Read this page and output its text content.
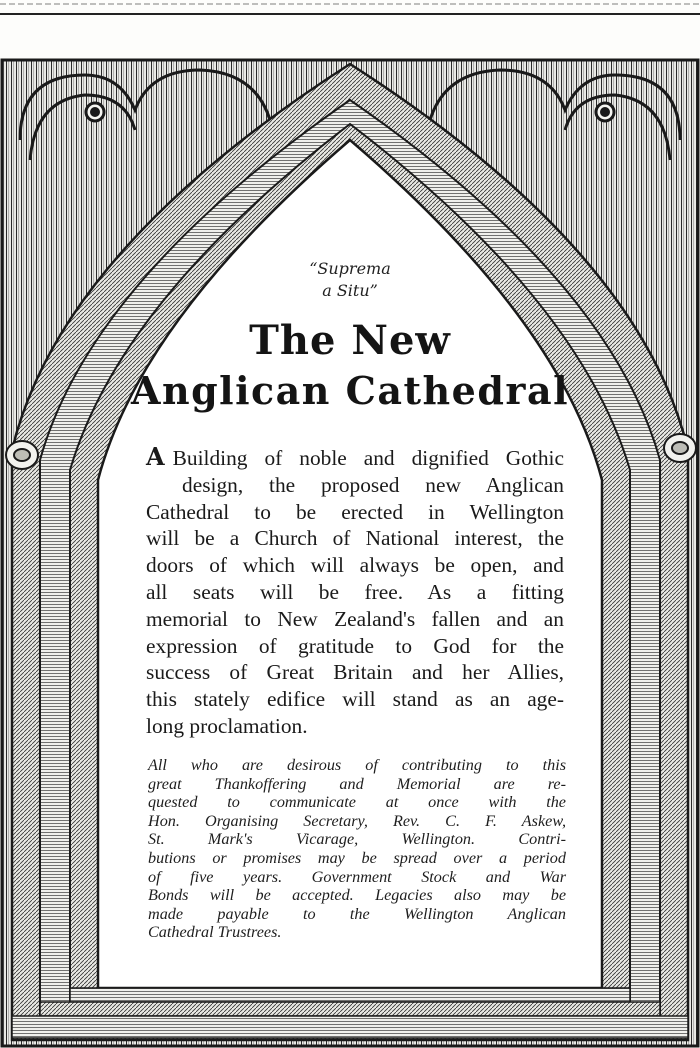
“Suprema
a Situ”
The New
Anglican Cathedral
A Building of noble and dignified Gothic
design, the proposed new Anglican
Cathedral to be erected in Wellington
will be a Church of National interest, the
doors of which will always be open, and
all seats will be free. As a fitting
memorial to New Zealand's fallen and an
expression of gratitude to God for the
success of Great Britain and her Allies,
this stately edifice will stand as an age-
long proclamation.
All who are desirous of contributing to this
great Thankoffering and Memorial are re-
quested to communicate at once with the
Hon. Organising Secretary, Rev. C. F. Askew,
St. Mark's Vicarage, Wellington. Contri-
butions or promises may be spread over a period
of five years. Government Stock and War
Bonds will be accepted. Legacies also may be
made payable to the Wellington Anglican
Cathedral Trustrees.
